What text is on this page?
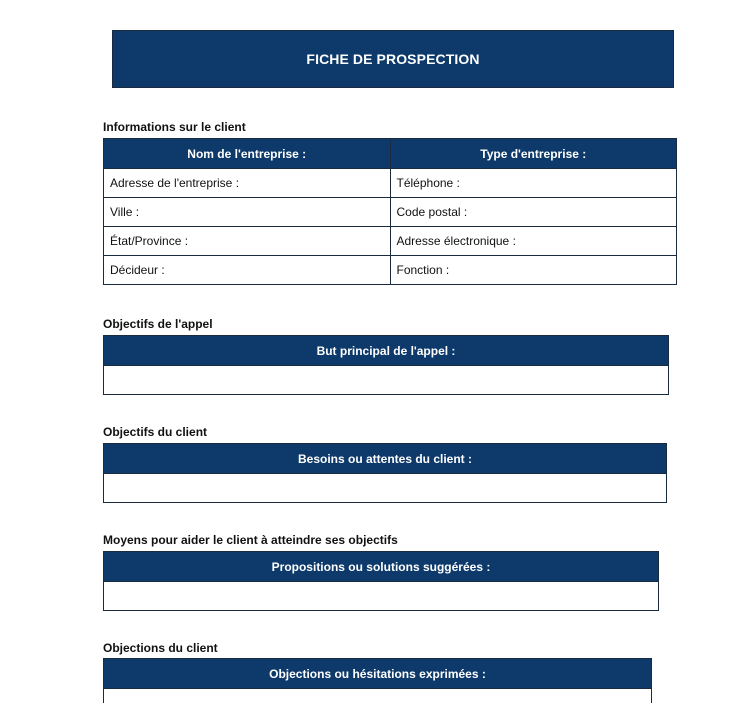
FICHE DE PROSPECTION
Informations sur le client
Nom de l'entreprise :	Type d'entreprise :
Adresse de l'entreprise :	Téléphone :
Ville :	Code postal :
État/Province :	Adresse électronique :
Décideur :	Fonction :
Objectifs de l'appel
But principal de l'appel :
Objectifs du client
Besoins ou attentes du client :
Moyens pour aider le client à atteindre ses objectifs
Propositions ou solutions suggérées :
Objections du client
Objections ou hésitations exprimées :
